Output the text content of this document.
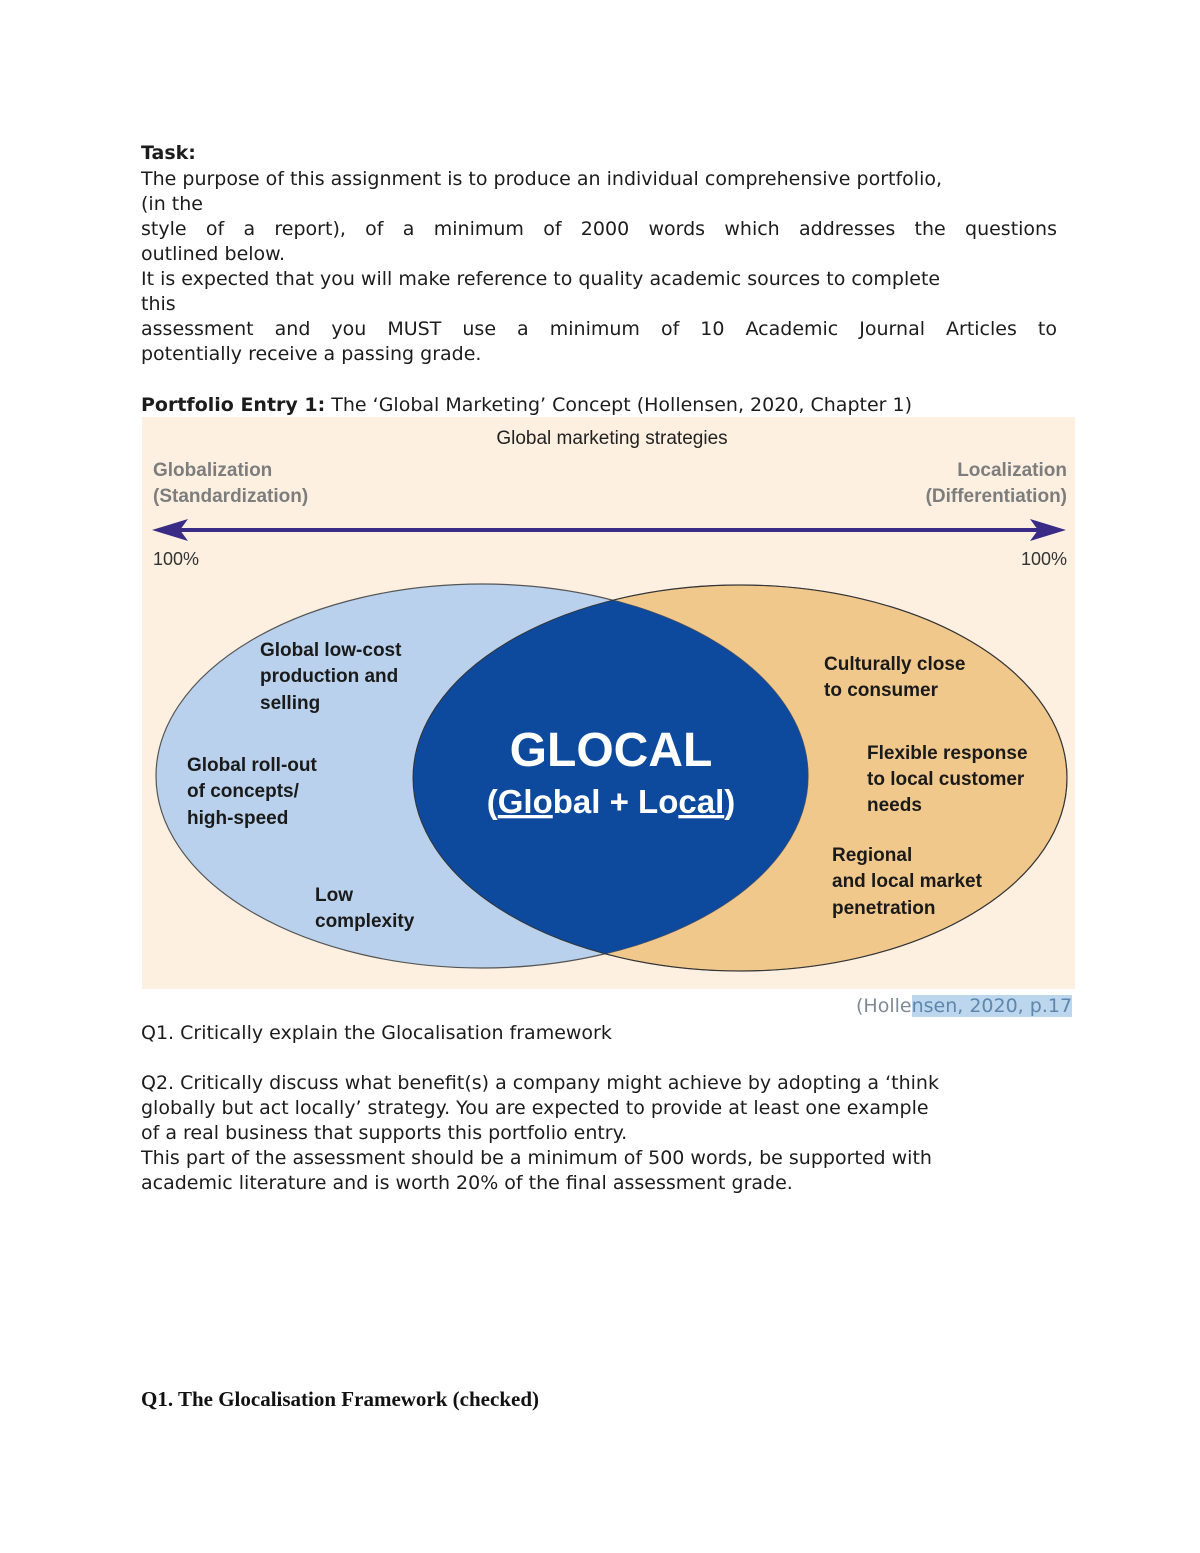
Task:
The purpose of this assignment is to produce an individual comprehensive portfolio,
(in the
style of a report), of a minimum of 2000 words which addresses the questions
outlined below.
It is expected that you will make reference to quality academic sources to complete
this
assessment and you MUST use a minimum of 10 Academic Journal Articles to
potentially receive a passing grade.
Portfolio Entry 1: The ‘Global Marketing’ Concept (Hollensen, 2020, Chapter 1)
Global marketing strategies
Globalization
(Standardization)
Localization
(Differentiation)
100%	100%
Global low-cost
production and
selling
Global roll-out
of concepts/
high-speed
Low
complexity
Culturally close
to consumer
Flexible response
to local customer
needs
Regional
and local market
penetration
GLOCAL
(Global + Local)
(Hollensen, 2020, p.17
Q1. Critically explain the Glocalisation framework
Q2. Critically discuss what benefit(s) a company might achieve by adopting a ‘think
globally but act locally’ strategy. You are expected to provide at least one example
of a real business that supports this portfolio entry.
This part of the assessment should be a minimum of 500 words, be supported with
academic literature and is worth 20% of the final assessment grade.
Q1. The Glocalisation Framework (checked)
